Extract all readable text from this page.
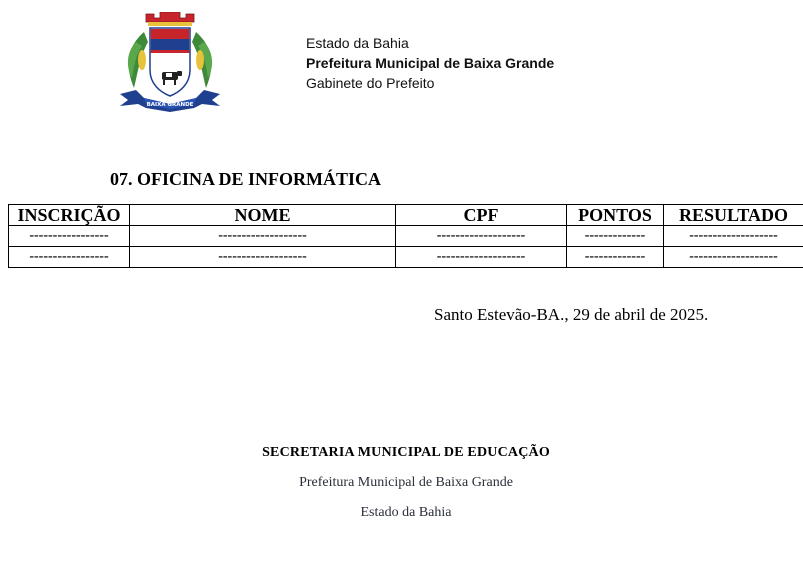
BAIXA GRANDE
Estado da Bahia
Prefeitura Municipal de Baixa Grande
Gabinete do Prefeito
07. OFICINA DE INFORMÁTICA
INSCRIÇÃO	NOME	CPF	PONTOS	RESULTADO
-----------------	-------------------	-------------------	-------------	-------------------
-----------------	-------------------	-------------------	-------------	-------------------
Santo Estevão-BA., 29 de abril de 2025.
SECRETARIA MUNICIPAL DE EDUCAÇÃO
Prefeitura Municipal de Baixa Grande
Estado da Bahia
